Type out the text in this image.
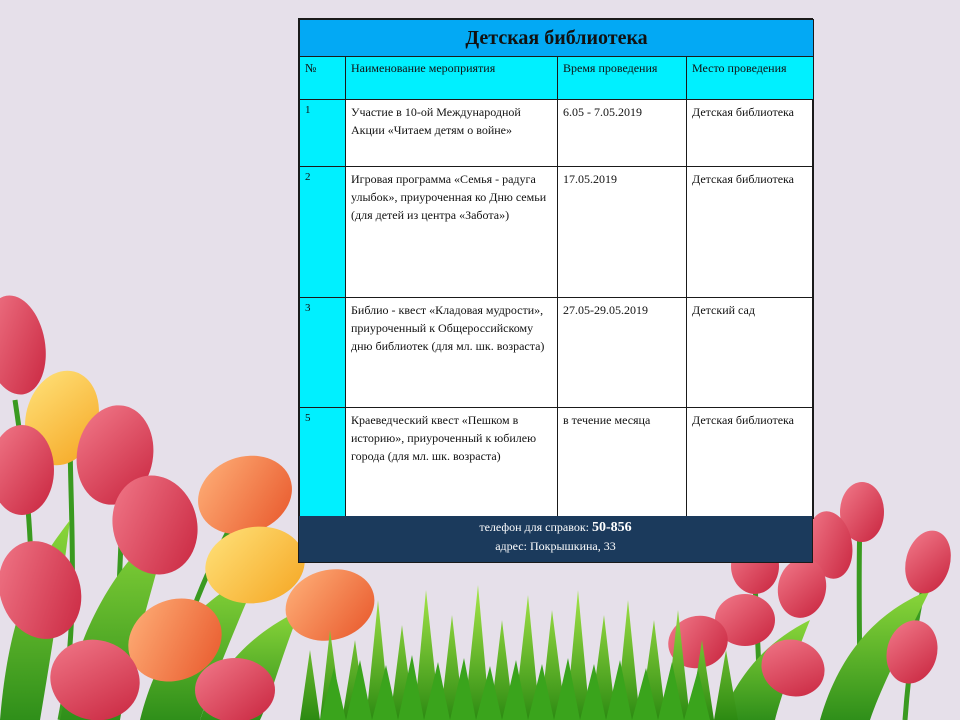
Детская библиотека			
№	Наименование мероприятия	Время проведения	Место проведения
1	Участие в 10-ой Международной Акции «Читаем детям о войне»	6.05 - 7.05.2019	Детская библиотека
2	Игровая программа «Семья - радуга улыбок», приуроченная ко Дню семьи (для детей из центра «Забота»)	17.05.2019	Детская библиотека
3	Библио - квест «Кладовая мудрости», приуроченный к Общероссийскому дню библиотек (для мл. шк. возраста)	27.05-29.05.2019	Детский сад
5	Краеведческий квест «Пешком в историю», приуроченный к юбилею города (для мл. шк. возраста)	в течение месяца	Детская библиотека
телефон для справок: 50-856
адрес: Покрышкина, 33
